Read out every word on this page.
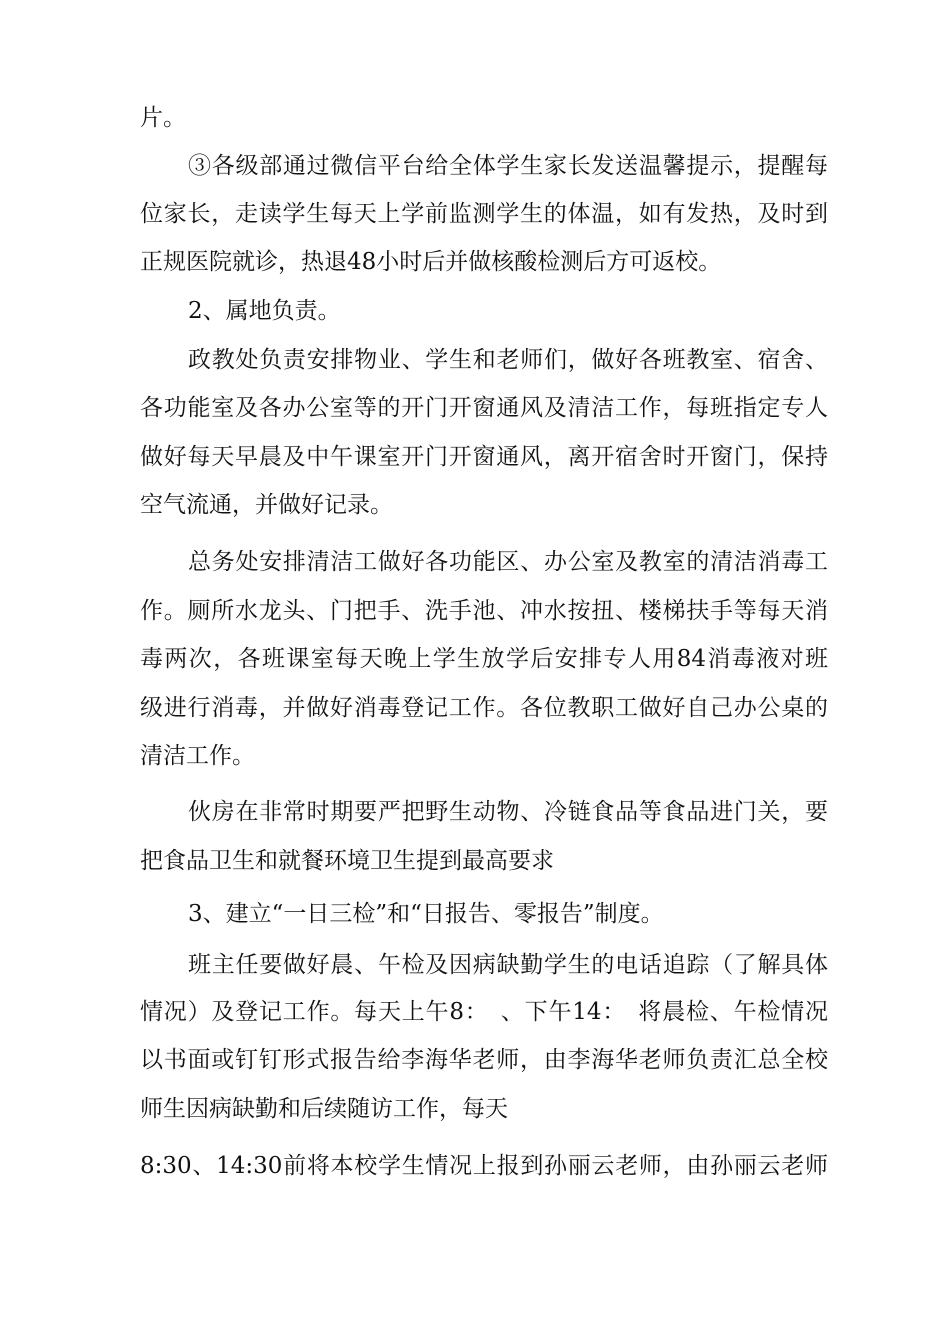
片。
③各级部通过微信平台给全体学生家长发送温馨提示，提醒每
位家长，走读学生每天上学前监测学生的体温，如有发热，及时到
正规医院就诊，热退48小时后并做核酸检测后方可返校。
2、属地负责。
政教处负责安排物业、学生和老师们，做好各班教室、宿舍、
各功能室及各办公室等的开门开窗通风及清洁工作，每班指定专人
做好每天早晨及中午课室开门开窗通风，离开宿舍时开窗门，保持
空气流通，并做好记录。
总务处安排清洁工做好各功能区、办公室及教室的清洁消毒工
作。厕所水龙头、门把手、洗手池、冲水按扭、楼梯扶手等每天消
毒两次，各班课室每天晚上学生放学后安排专人用84消毒液对班
级进行消毒，并做好消毒登记工作。各位教职工做好自己办公桌的
清洁工作。
伙房在非常时期要严把野生动物、冷链食品等食品进门关，要
把食品卫生和就餐环境卫生提到最高要求
3、建立“一日三检”和“日报告、零报告”制度。
班主任要做好晨、午检及因病缺勤学生的电话追踪（了解具体
情况）及登记工作。每天上午8：　、下午14：　将晨检、午检情况
以书面或钉钉形式报告给李海华老师，由李海华老师负责汇总全校
师生因病缺勤和后续随访工作，每天
8:30、14:30前将本校学生情况上报到孙丽云老师，由孙丽云老师
